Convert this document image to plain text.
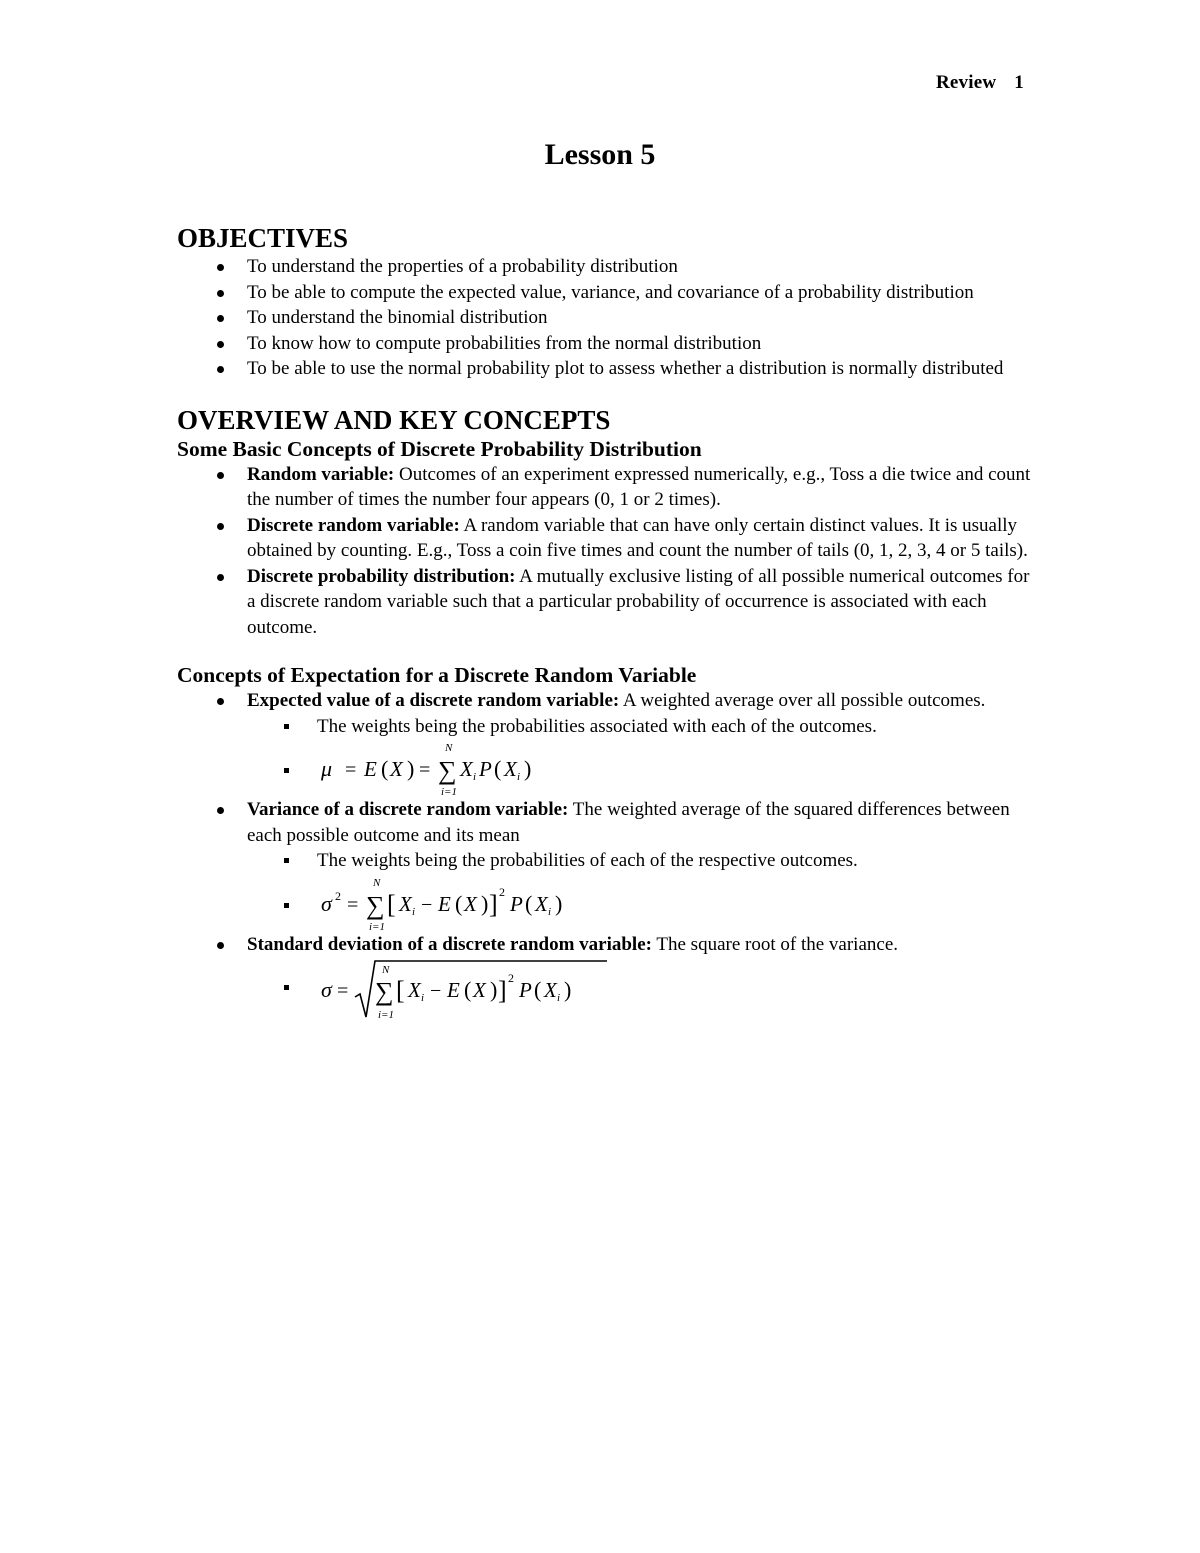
Review 1
Lesson 5
OBJECTIVES
To understand the properties of a probability distribution
To be able to compute the expected value, variance, and covariance of a probability distribution
To understand the binomial distribution
To know how to compute probabilities from the normal distribution
To be able to use the normal probability plot to assess whether a distribution is normally distributed
OVERVIEW AND KEY CONCEPTS
Some Basic Concepts of Discrete Probability Distribution
Random variable: Outcomes of an experiment expressed numerically, e.g., Toss a die twice and count the number of times the number four appears (0, 1 or 2 times).
Discrete random variable: A random variable that can have only certain distinct values. It is usually obtained by counting. E.g., Toss a coin five times and count the number of tails (0, 1, 2, 3, 4 or 5 tails).
Discrete probability distribution: A mutually exclusive listing of all possible numerical outcomes for a discrete random variable such that a particular probability of occurrence is associated with each outcome.
Concepts of Expectation for a Discrete Random Variable
Expected value of a discrete random variable: A weighted average over all possible outcomes.
The weights being the probabilities associated with each of the outcomes.
μ = E ( X ) = ∑
N
i=1
X i P ( X i )
Variance of a discrete random variable: The weighted average of the squared differences between each possible outcome and its mean
The weights being the probabilities of each of the respective outcomes.
σ 2 = ∑
N
i=1
[ X i − E ( X ) ] 2 P ( X i )
Standard deviation of a discrete random variable: The square root of the variance.
σ = ∑
N
i=1
[ X i − E ( X ) ] 2 P ( X i )
